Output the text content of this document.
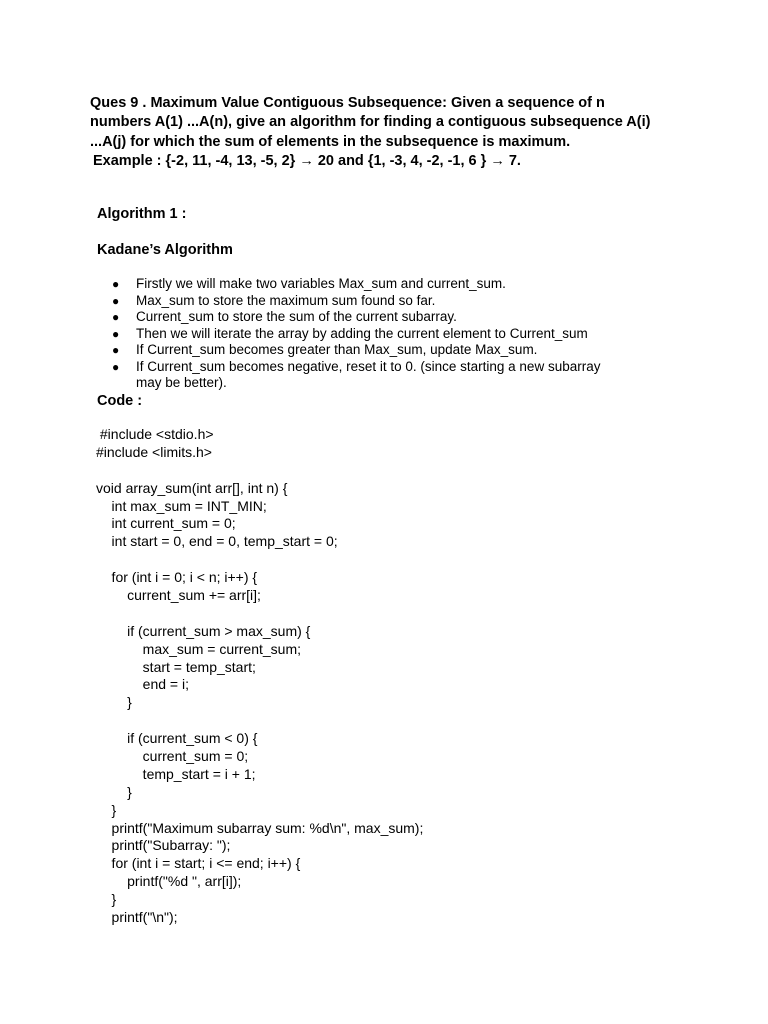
Ques 9 . Maximum Value Contiguous Subsequence: Given a sequence of n
numbers A(1) ...A(n), give an algorithm for finding a contiguous subsequence A(i)
...A(j) for which the sum of elements in the subsequence is maximum.
Example : {-2, 11, -4, 13, -5, 2} → 20 and {1, -3, 4, -2, -1, 6 } → 7.
Algorithm 1 :
Kadane’s Algorithm
● Firstly we will make two variables Max_sum and current_sum.
● Max_sum to store the maximum sum found so far.
● Current_sum to store the sum of the current subarray.
● Then we will iterate the array by adding the current element to Current_sum
● If Current_sum becomes greater than Max_sum, update Max_sum.
● If Current_sum becomes negative, reset it to 0. (since starting a new subarray
may be better).
Code :
#include <stdio.h>
#include <limits.h>
void array_sum(int arr[], int n) {
int max_sum = INT_MIN;
int current_sum = 0;
int start = 0, end = 0, temp_start = 0;
for (int i = 0; i < n; i++) {
current_sum += arr[i];
if (current_sum > max_sum) {
max_sum = current_sum;
start = temp_start;
end = i;
}
if (current_sum < 0) {
current_sum = 0;
temp_start = i + 1;
}
}
printf("Maximum subarray sum: %d\n", max_sum);
printf("Subarray: ");
for (int i = start; i <= end; i++) {
printf("%d ", arr[i]);
}
printf("\n");
